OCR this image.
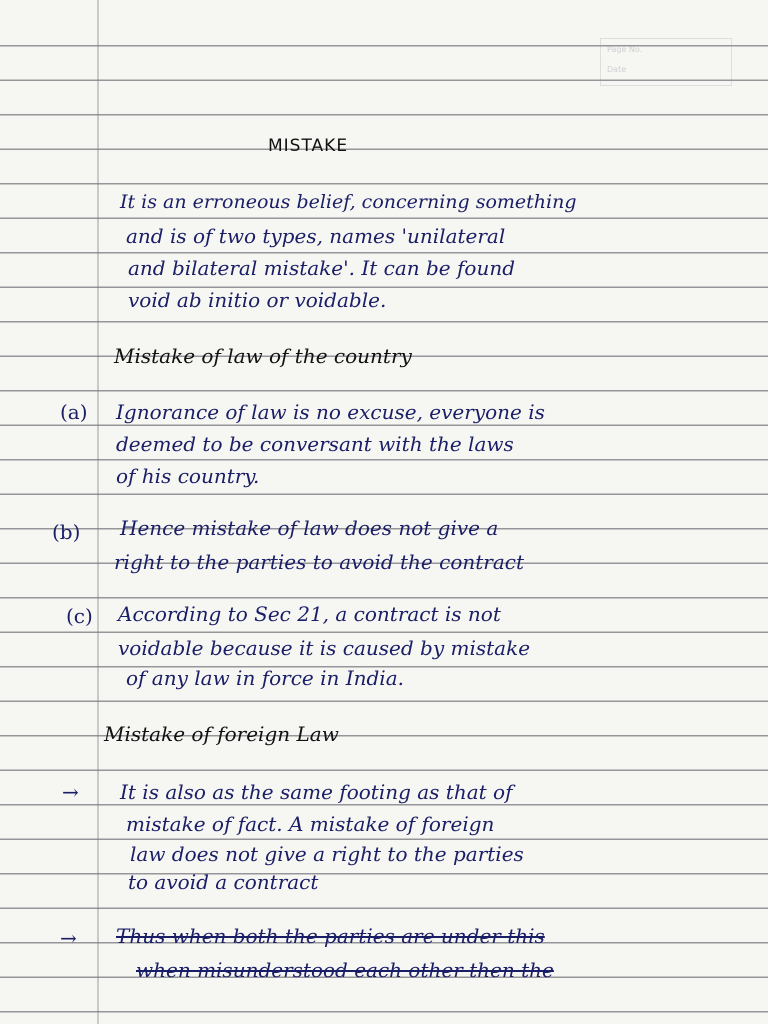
Page No.
Date
MISTAKE
It is an erroneous belief, concerning something
and is of two types, names 'unilateral
and bilateral mistake'. It can be found
void ab initio or voidable.
Mistake of law of the country
(a) Ignorance of law is no excuse, everyone is
deemed to be conversant with the laws
of his country.
(b) Hence mistake of law does not give a
right to the parties to avoid the contract
(c) According to Sec 21, a contract is not
voidable because it is caused by mistake
of any law in force in India.
Mistake of foreign Law
→ It is also as the same footing as that of
mistake of fact. A mistake of foreign
law does not give a right to the parties
to avoid a contract
→ Thus when both the parties are under this
when misunderstood each other then the
